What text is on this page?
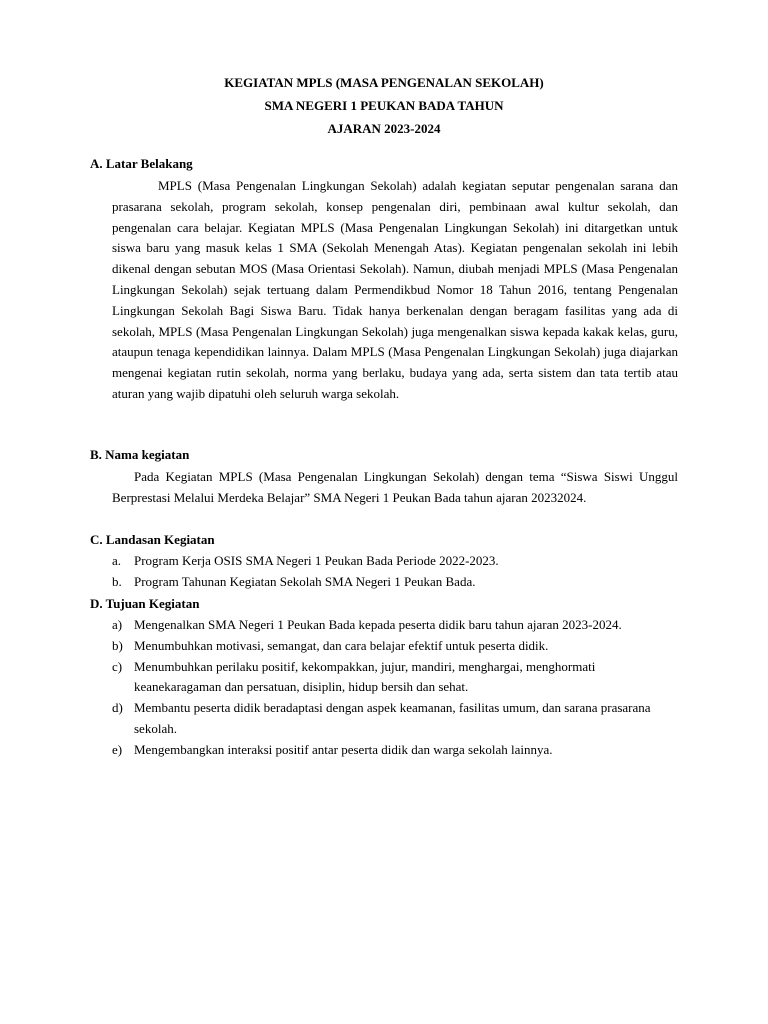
KEGIATAN MPLS (MASA PENGENALAN SEKOLAH)
SMA NEGERI 1 PEUKAN BADA TAHUN
AJARAN 2023-2024
A. Latar Belakang

MPLS (Masa Pengenalan Lingkungan Sekolah) adalah kegiatan seputar pengenalan sarana dan prasarana sekolah, program sekolah, konsep pengenalan diri, pembinaan awal kultur sekolah, dan pengenalan cara belajar. Kegiatan MPLS (Masa Pengenalan Lingkungan Sekolah) ini ditargetkan untuk siswa baru yang masuk kelas 1 SMA (Sekolah Menengah Atas). Kegiatan pengenalan sekolah ini lebih dikenal dengan sebutan MOS (Masa Orientasi Sekolah). Namun, diubah menjadi MPLS (Masa Pengenalan Lingkungan Sekolah) sejak tertuang dalam Permendikbud Nomor 18 Tahun 2016, tentang Pengenalan Lingkungan Sekolah Bagi Siswa Baru. Tidak hanya berkenalan dengan beragam fasilitas yang ada di sekolah, MPLS (Masa Pengenalan Lingkungan Sekolah) juga mengenalkan siswa kepada kakak kelas, guru, ataupun tenaga kependidikan lainnya. Dalam MPLS (Masa Pengenalan Lingkungan Sekolah) juga diajarkan mengenai kegiatan rutin sekolah, norma yang berlaku, budaya yang ada, serta sistem dan tata tertib atau aturan yang wajib dipatuhi oleh seluruh warga sekolah.

B. Nama kegiatan

Pada Kegiatan MPLS (Masa Pengenalan Lingkungan Sekolah) dengan tema “Siswa Siswi Unggul Berprestasi Melalui Merdeka Belajar” SMA Negeri 1 Peukan Bada tahun ajaran 20232024.

C. Landasan Kegiatan
a. Program Kerja OSIS SMA Negeri 1 Peukan Bada Periode 2022-2023.
b. Program Tahunan Kegiatan Sekolah SMA Negeri 1 Peukan Bada.
D. Tujuan Kegiatan
a) Mengenalkan SMA Negeri 1 Peukan Bada kepada peserta didik baru tahun ajaran 2023-2024.
b) Menumbuhkan motivasi, semangat, dan cara belajar efektif untuk peserta didik.
c) Menumbuhkan perilaku positif, kekompakkan, jujur, mandiri, menghargai, menghormati keanekaragaman dan persatuan, disiplin, hidup bersih dan sehat.
d) Membantu peserta didik beradaptasi dengan aspek keamanan, fasilitas umum, dan sarana prasarana sekolah.
e) Mengembangkan interaksi positif antar peserta didik dan warga sekolah lainnya.
